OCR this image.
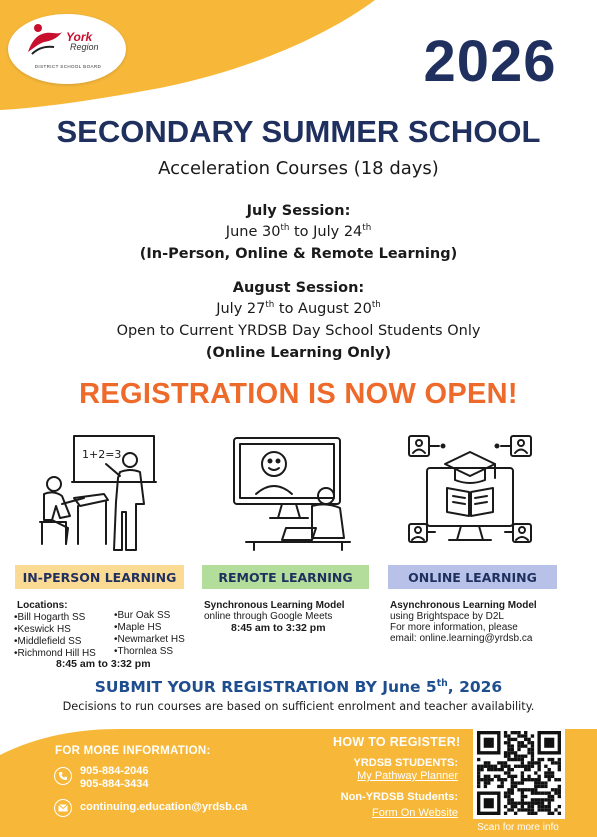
York
Region
DISTRICT SCHOOL BOARD	2026
SECONDARY SUMMER SCHOOL
Acceleration Courses (18 days)
July Session:
June 30th to July 24th
(In-Person, Online & Remote Learning)
August Session:
July 27th to August 20th
Open to Current YRDSB Day School Students Only
(Online Learning Only)
REGISTRATION IS NOW OPEN!
1+2=3
IN-PERSON LEARNING	REMOTE LEARNING	ONLINE LEARNING
Locations:
•Bill Hogarth SS
•Keswick HS
•Middlefield SS
•Richmond Hill HS
•Bur Oak SS
•Maple HS
•Newmarket HS
•Thornlea SS
8:45 am to 3:32 pm
Synchronous Learning Model
online through Google Meets
8:45 am to 3:32 pm
Asynchronous Learning Model
using Brightspace by D2L
For more information, please
email: online.learning@yrdsb.ca
SUBMIT YOUR REGISTRATION BY June 5th, 2026
Decisions to run courses are based on sufficient enrolment and teacher availability.
FOR MORE INFORMATION:
905-884-2046
905-884-3434
continuing.education@yrdsb.ca
HOW TO REGISTER!
YRDSB STUDENTS:
My Pathway Planner
Non-YRDSB Students:
Form On Website
Scan for more info
